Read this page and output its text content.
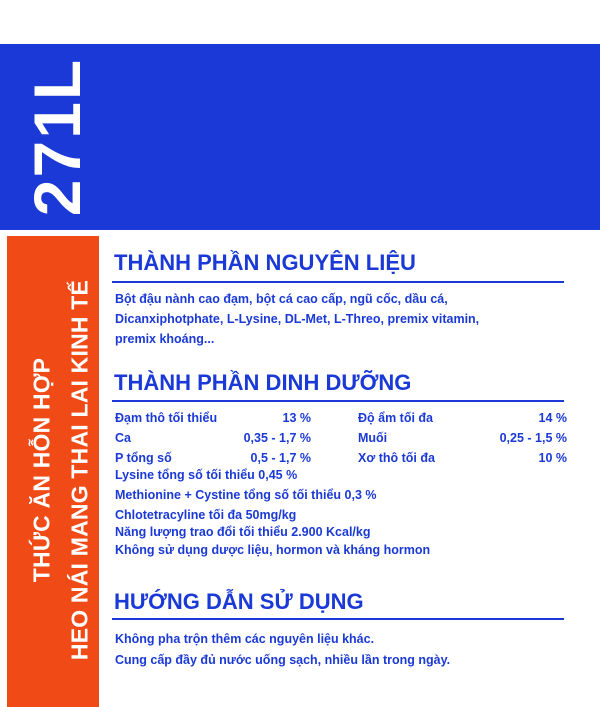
271L
THỨC ĂN HỖN HỢP HEO NÁI MANG THAI LAI KINH TẾ
THÀNH PHẦN NGUYÊN LIỆU
Bột đậu nành cao đạm, bột cá cao cấp, ngũ cốc, dầu cá,
Dicanxiphotphate, L-Lysine, DL-Met, L-Threo, premix vitamin,
premix khoáng...
THÀNH PHẦN DINH DƯỠNG
Đạm thô tối thiểu	13 %	Độ ẩm tối đa	14 %
Ca	0,35 - 1,7 %	Muối	0,25 - 1,5 %
P tổng số	0,5 - 1,7 %	Xơ thô tối đa	10 %
Lysine tổng số tối thiểu 0,45 %
Methionine + Cystine tổng số tối thiểu 0,3 %
Chlotetracyline tối đa 50mg/kg
Năng lượng trao đổi tối thiểu 2.900 Kcal/kg
Không sử dụng dược liệu, hormon và kháng hormon
HƯỚNG DẪN SỬ DỤNG
Không pha trộn thêm các nguyên liệu khác.
Cung cấp đầy đủ nước uống sạch, nhiều lần trong ngày.
